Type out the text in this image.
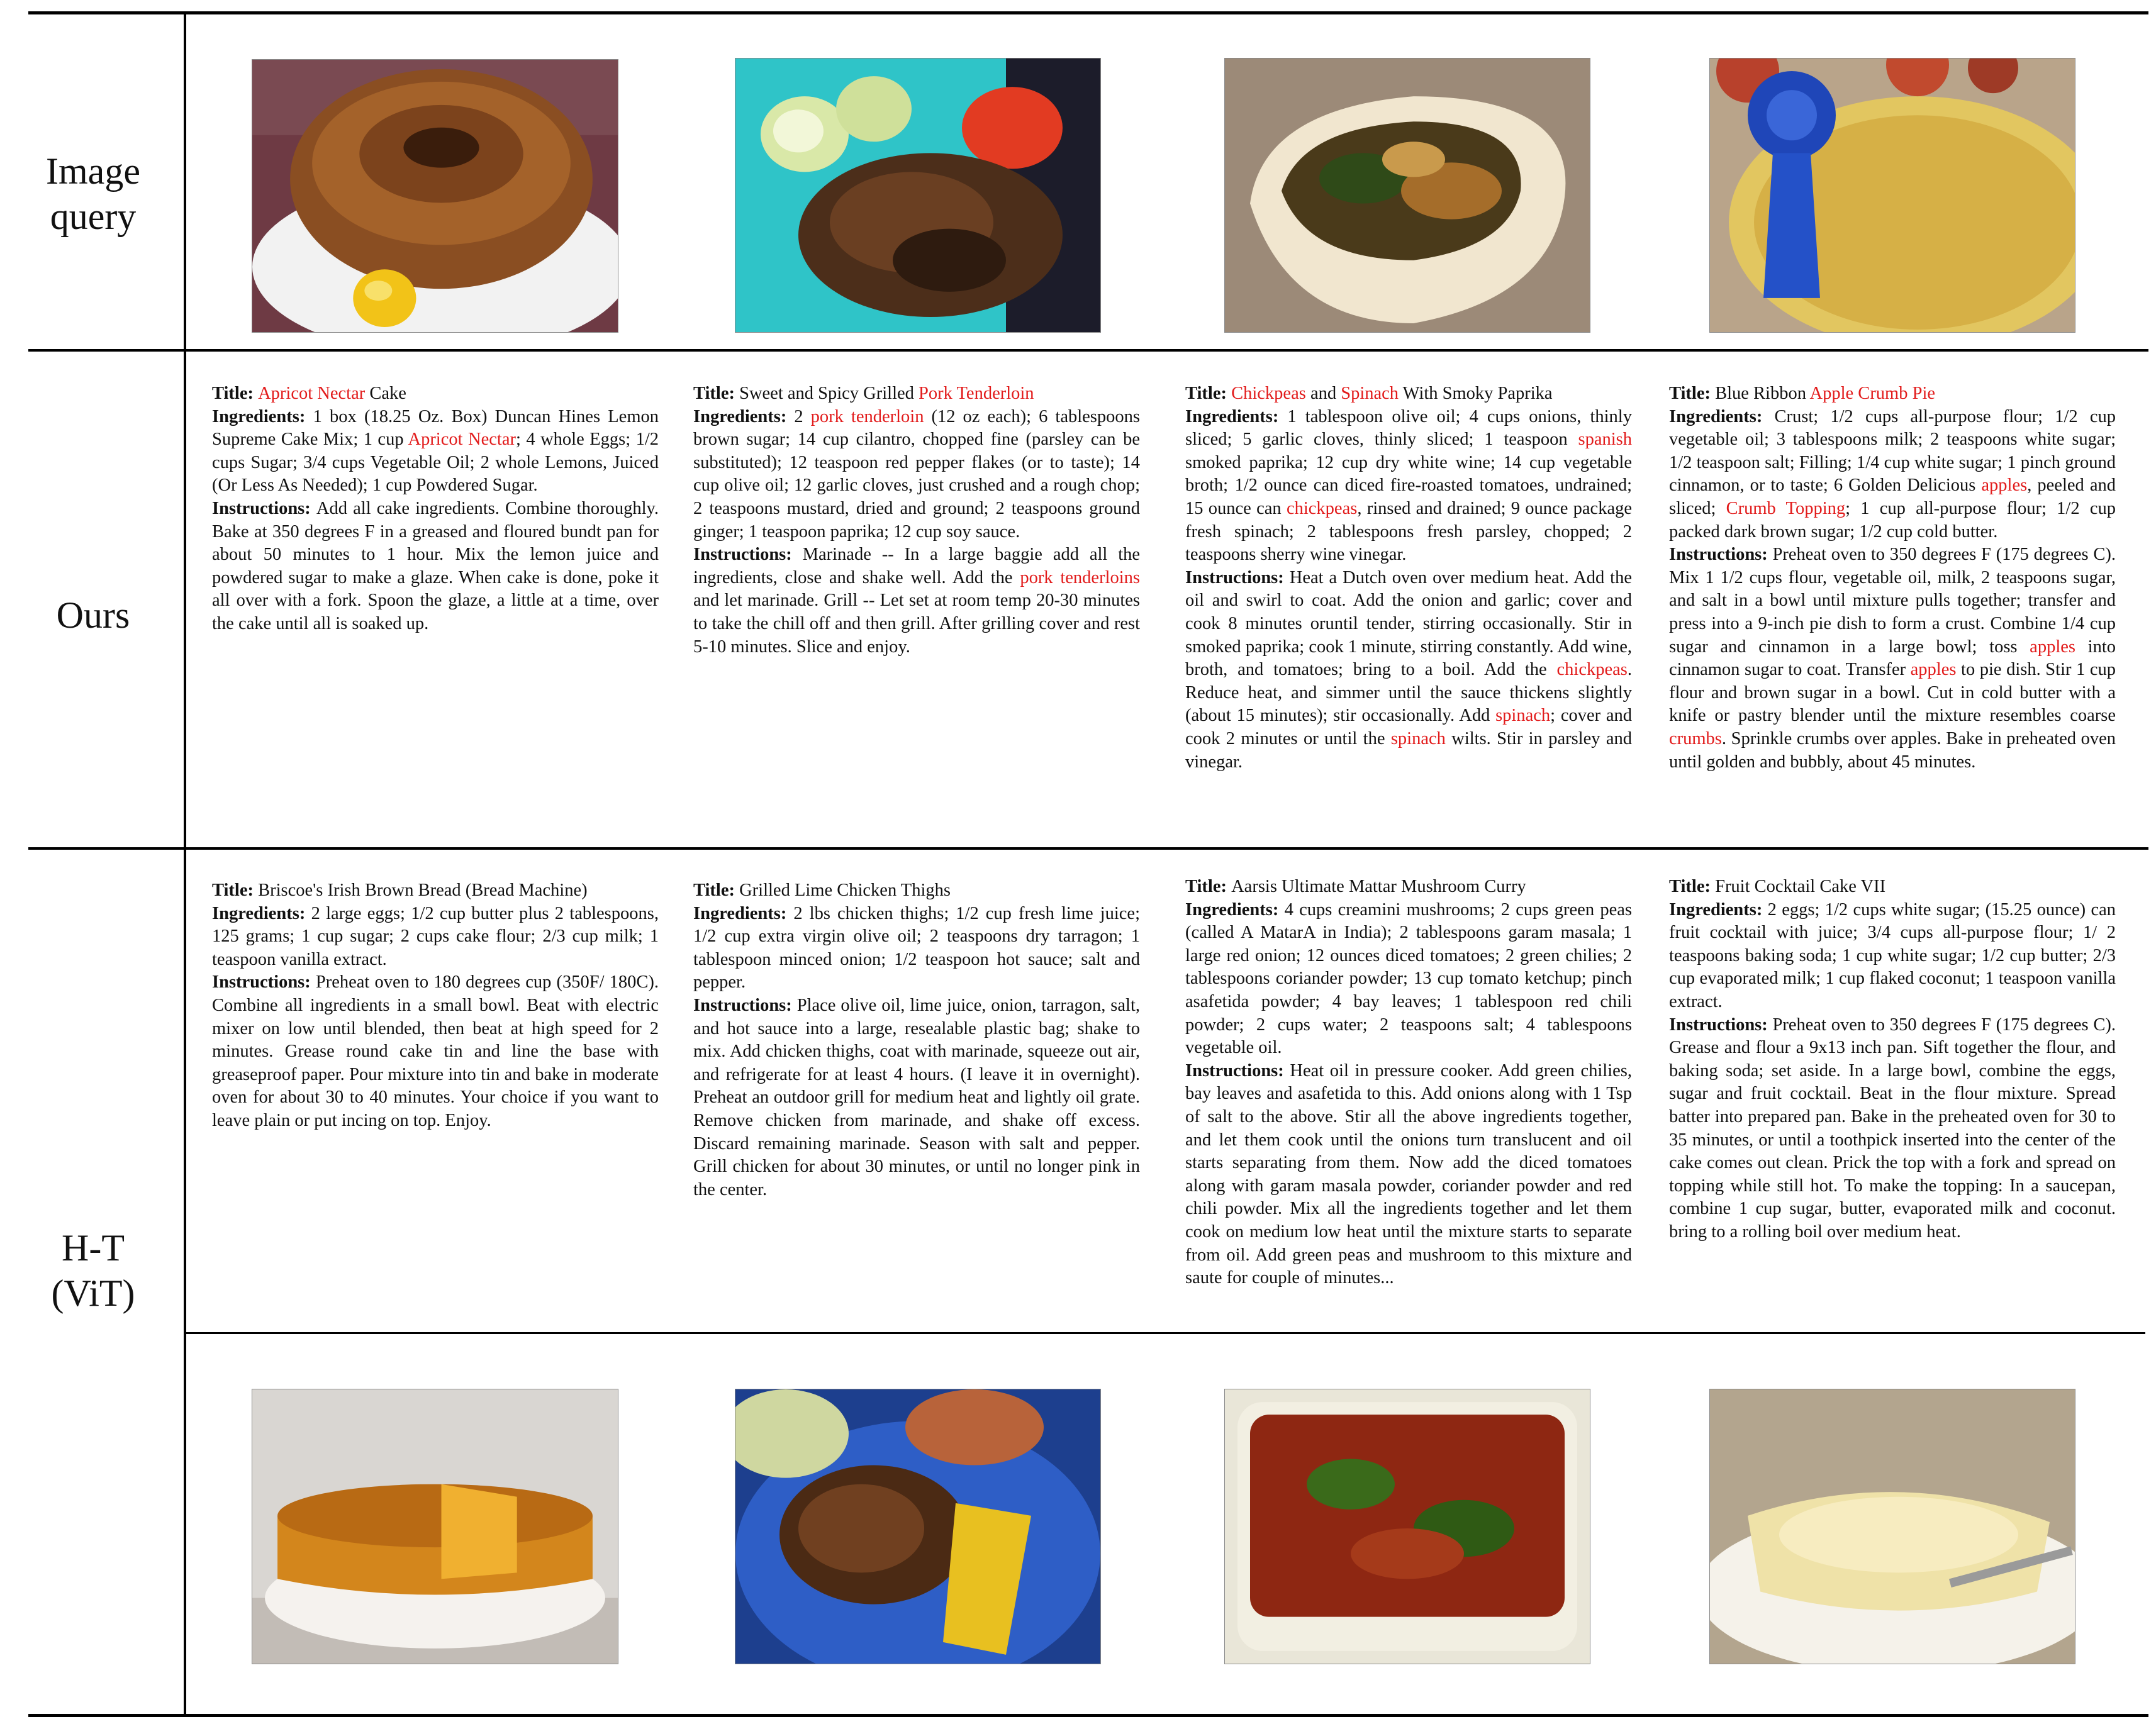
Image
query
Ours
H-T
(ViT)

Title: Apricot Nectar Cake

Ingredients: 1 box (18.25 Oz. Box) Duncan Hines Lemon Supreme Cake Mix; 1 cup Apricot Nectar; 4 whole Eggs; 1/2 cups Sugar; 3/4 cups Vegetable Oil; 2 whole Lemons, Juiced (Or Less As Needed); 1 cup Powdered Sugar.

Instructions: Add all cake ingredients. Combine thoroughly. Bake at 350 degrees F in a greased and floured bundt pan for about 50 minutes to 1 hour. Mix the lemon juice and powdered sugar to make a glaze. When cake is done, poke it all over with a fork. Spoon the glaze, a little at a time, over the cake until all is soaked up.

Title: Sweet and Spicy Grilled Pork Tenderloin

Ingredients: 2 pork tenderloin (12 oz each); 6 tablespoons brown sugar; 14 cup cilantro, chopped fine (parsley can be substituted); 12 teaspoon red pepper flakes (or to taste); 14 cup olive oil; 12 garlic cloves, just crushed and a rough chop; 2 teaspoons mustard, dried and ground; 2 teaspoons ground ginger; 1 teaspoon paprika; 12 cup soy sauce.

Instructions: Marinade -- In a large baggie add all the ingredients, close and shake well. Add the pork tenderloins and let marinade. Grill -- Let set at room temp 20-30 minutes to take the chill off and then grill. After grilling cover and rest 5-10 minutes. Slice and enjoy.

Title: Chickpeas and Spinach With Smoky Paprika

Ingredients: 1 tablespoon olive oil; 4 cups onions, thinly sliced; 5 garlic cloves, thinly sliced; 1 teaspoon spanish smoked paprika; 12 cup dry white wine; 14 cup vegetable broth; 1/2 ounce can diced fire-roasted tomatoes, undrained; 15 ounce can chickpeas, rinsed and drained; 9 ounce package fresh spinach; 2 tablespoons fresh parsley, chopped; 2 teaspoons sherry wine vinegar.

Instructions: Heat a Dutch oven over medium heat. Add the oil and swirl to coat. Add the onion and garlic; cover and cook 8 minutes oruntil tender, stirring occasionally. Stir in smoked paprika; cook 1 minute, stirring constantly. Add wine, broth, and tomatoes; bring to a boil. Add the chickpeas. Reduce heat, and simmer until the sauce thickens slightly (about 15 minutes); stir occasionally. Add spinach; cover and cook 2 minutes or until the spinach wilts. Stir in parsley and vinegar.

Title: Blue Ribbon Apple Crumb Pie

Ingredients: Crust; 1/2 cups all-purpose flour; 1/2 cup vegetable oil; 3 tablespoons milk; 2 teaspoons white sugar; 1/2 teaspoon salt; Filling; 1/4 cup white sugar; 1 pinch ground cinnamon, or to taste; 6 Golden Delicious apples, peeled and sliced; Crumb Topping; 1 cup all-purpose flour; 1/2 cup packed dark brown sugar; 1/2 cup cold butter.

Instructions: Preheat oven to 350 degrees F (175 degrees C). Mix 1 1/2 cups flour, vegetable oil, milk, 2 teaspoons sugar, and salt in a bowl until mixture pulls together; transfer and press into a 9-inch pie dish to form a crust. Combine 1/4 cup sugar and cinnamon in a large bowl; toss apples into cinnamon sugar to coat. Transfer apples to pie dish. Stir 1 cup flour and brown sugar in a bowl. Cut in cold butter with a knife or pastry blender until the mixture resembles coarse crumbs. Sprinkle crumbs over apples. Bake in preheated oven until golden and bubbly, about 45 minutes.

Title: Briscoe's Irish Brown Bread (Bread Machine)

Ingredients: 2 large eggs; 1/2 cup butter plus 2 tablespoons, 125 grams; 1 cup sugar; 2 cups cake flour; 2/3 cup milk; 1 teaspoon vanilla extract.

Instructions: Preheat oven to 180 degrees cup (350F/ 180C). Combine all ingredients in a small bowl. Beat with electric mixer on low until blended, then beat at high speed for 2 minutes. Grease round cake tin and line the base with greaseproof paper. Pour mixture into tin and bake in moderate oven for about 30 to 40 minutes. Your choice if you want to leave plain or put incing on top. Enjoy.

Title: Grilled Lime Chicken Thighs

Ingredients: 2 lbs chicken thighs; 1/2 cup fresh lime juice; 1/2 cup extra virgin olive oil; 2 teaspoons dry tarragon; 1 tablespoon minced onion; 1/2 teaspoon hot sauce; salt and pepper.

Instructions: Place olive oil, lime juice, onion, tarragon, salt, and hot sauce into a large, resealable plastic bag; shake to mix. Add chicken thighs, coat with marinade, squeeze out air, and refrigerate for at least 4 hours. (I leave it in overnight). Preheat an outdoor grill for medium heat and lightly oil grate. Remove chicken from marinade, and shake off excess. Discard remaining marinade. Season with salt and pepper. Grill chicken for about 30 minutes, or until no longer pink in the center.

Title: Aarsis Ultimate Mattar Mushroom Curry

Ingredients: 4 cups creamini mushrooms; 2 cups green peas (called A MatarA in India); 2 tablespoons garam masala; 1 large red onion; 12 ounces diced tomatoes; 2 green chilies; 2 tablespoons coriander powder; 13 cup tomato ketchup; pinch asafetida powder; 4 bay leaves; 1 tablespoon red chili powder; 2 cups water; 2 teaspoons salt; 4 tablespoons vegetable oil.

Instructions: Heat oil in pressure cooker. Add green chilies, bay leaves and asafetida to this. Add onions along with 1 Tsp of salt to the above. Stir all the above ingredients together, and let them cook until the onions turn translucent and oil starts separating from them. Now add the diced tomatoes along with garam masala powder, coriander powder and red chili powder. Mix all the ingredients together and let them cook on medium low heat until the mixture starts to separate from oil. Add green peas and mushroom to this mixture and saute for couple of minutes...

Title: Fruit Cocktail Cake VII

Ingredients: 2 eggs; 1/2 cups white sugar; (15.25 ounce) can fruit cocktail with juice; 3/4 cups all-purpose flour; 1/ 2 teaspoons baking soda; 1 cup white sugar; 1/2 cup butter; 2/3 cup evaporated milk; 1 cup flaked coconut; 1 teaspoon vanilla extract.

Instructions: Preheat oven to 350 degrees F (175 degrees C). Grease and flour a 9x13 inch pan. Sift together the flour, and baking soda; set aside. In a large bowl, combine the eggs, sugar and fruit cocktail. Beat in the flour mixture. Spread batter into prepared pan. Bake in the preheated oven for 30 to 35 minutes, or until a toothpick inserted into the center of the cake comes out clean. Prick the top with a fork and spread on topping while still hot. To make the topping: In a saucepan, combine 1 cup sugar, butter, evaporated milk and coconut. bring to a rolling boil over medium heat.
